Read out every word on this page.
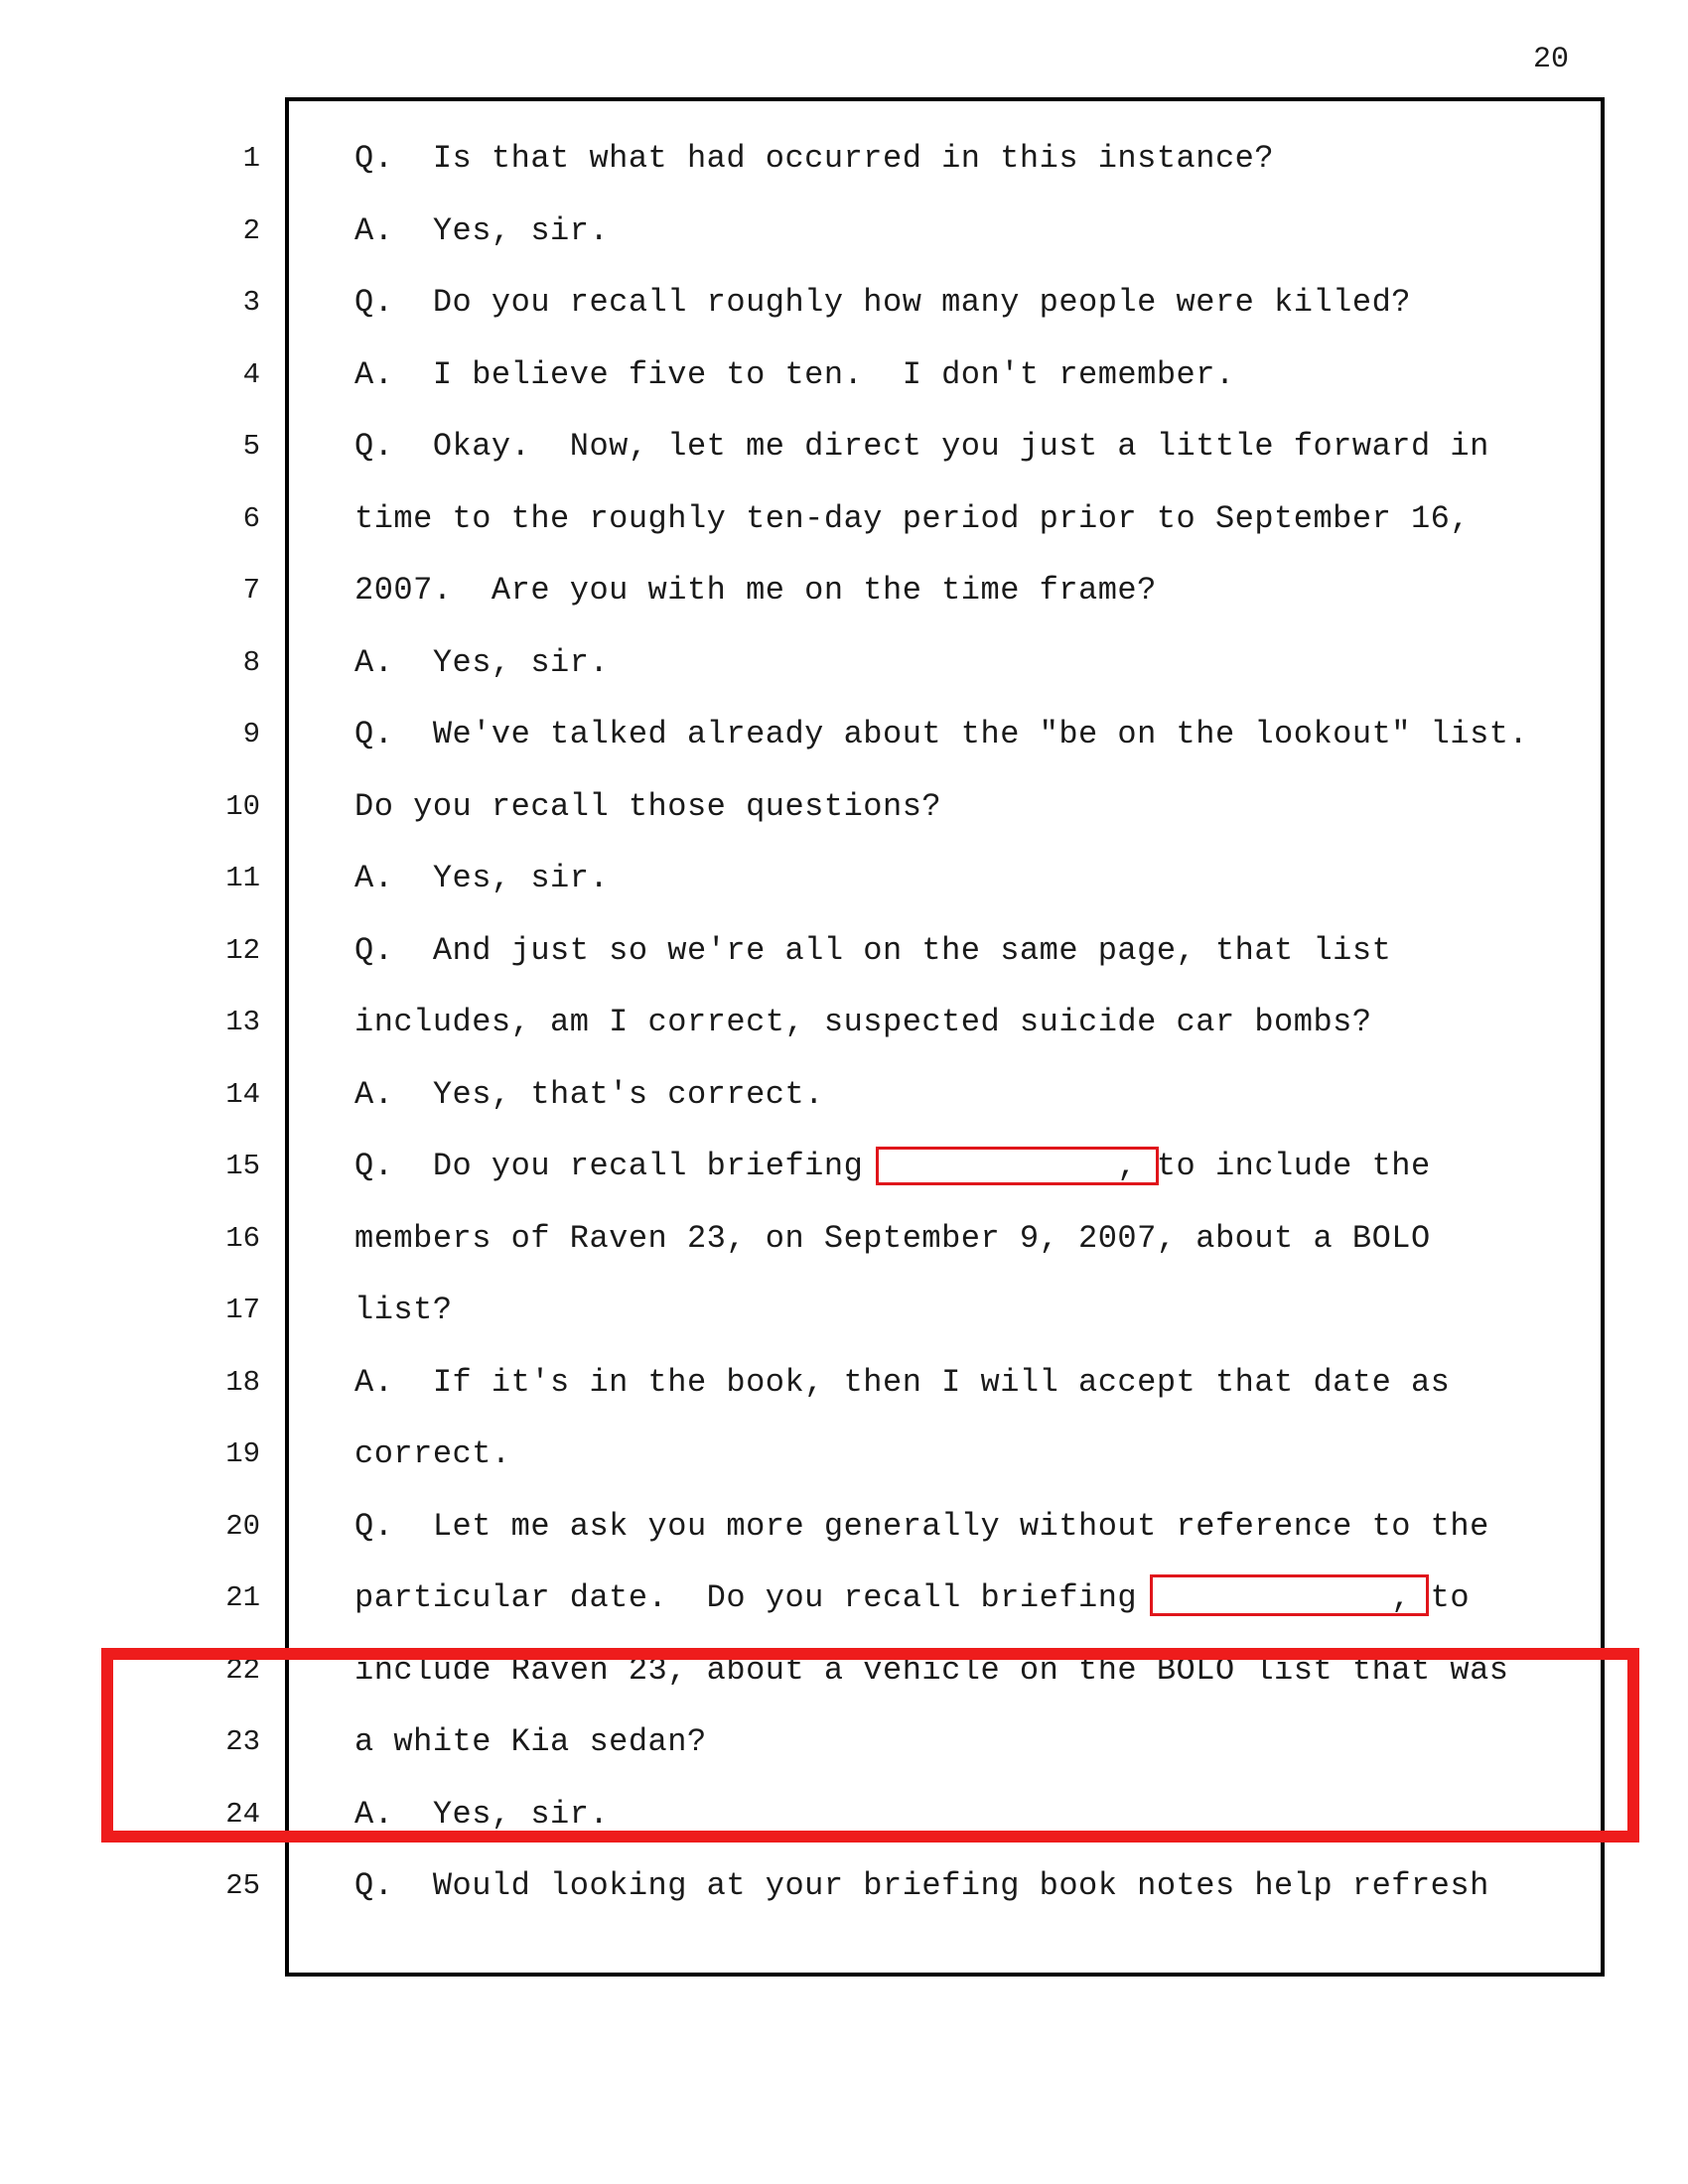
20
1
2
3
4
5
6
7
8
9
10
11
12
13
14
15
16
17
18
19
20
21
22
23
24
25
Q.  Is that what had occurred in this instance?
A.  Yes, sir.
Q.  Do you recall roughly how many people were killed?
A.  I believe five to ten.  I don't remember.
Q.  Okay.  Now, let me direct you just a little forward in
time to the roughly ten-day period prior to September 16,
2007.  Are you with me on the time frame?
A.  Yes, sir.
Q.  We've talked already about the "be on the lookout" list.
Do you recall those questions?
A.  Yes, sir.
Q.  And just so we're all on the same page, that list
includes, am I correct, suspected suicide car bombs?
A.  Yes, that's correct.
Q.  Do you recall briefing             , to include the
members of Raven 23, on September 9, 2007, about a BOLO
list?
A.  If it's in the book, then I will accept that date as
correct.
Q.  Let me ask you more generally without reference to the
particular date.  Do you recall briefing             , to
include Raven 23, about a vehicle on the BOLO list that was
a white Kia sedan?
A.  Yes, sir.
Q.  Would looking at your briefing book notes help refresh
